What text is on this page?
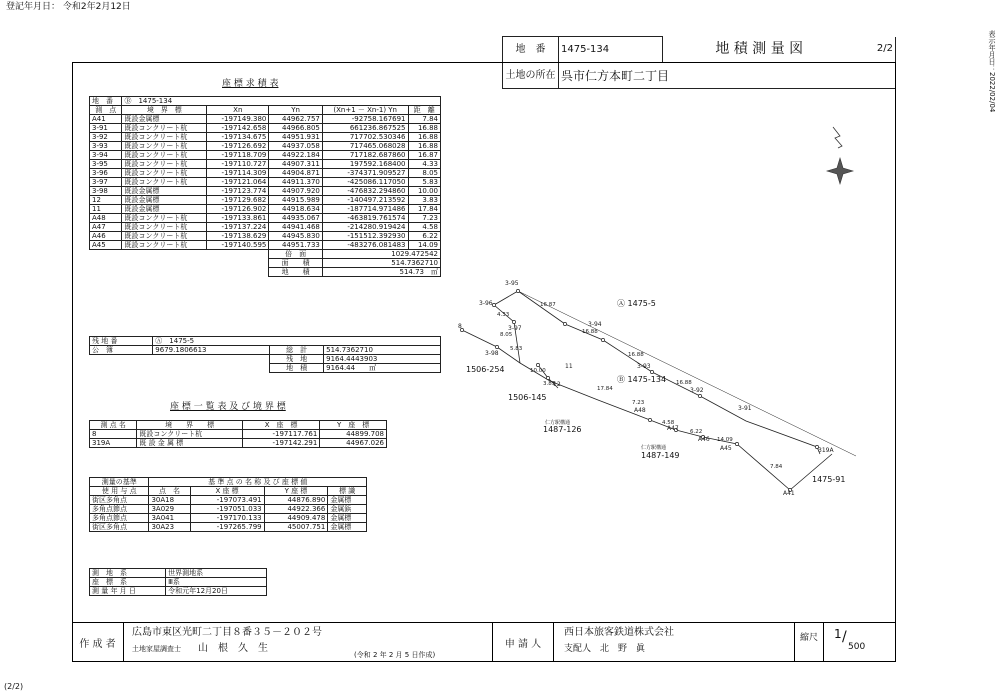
登記年月日： 令和2年2月12日
(2/2)
表示年月日：2022/02/04
地　番	1475-134	地 積 測 量 図	2/2
土地の所在	呉市仁方本町二丁目		
座 標 求 積 表
地　番	Ⓑ　 1475-134				
測　点	境　界　標	Xn	Yn	(Xn+1 － Xn-1) Yn	距　離
A41	既設金属標	-197149.380	44962.757	-92758.167691	7.84
3-91	既設コンクリート杭	-197142.658	44966.805	661236.867525	16.88
3-92	既設コンクリート杭	-197134.675	44951.931	717702.530346	16.88
3-93	既設コンクリート杭	-197126.692	44937.058	717465.068028	16.88
3-94	既設コンクリート杭	-197118.709	44922.184	717182.687860	16.87
3-95	既設コンクリート杭	-197110.727	44907.311	197592.168400	4.33
3-96	既設コンクリート杭	-197114.309	44904.871	-374371.909527	8.05
3-97	既設コンクリート杭	-197121.064	44911.370	-425086.117050	5.83
3-98	既設金属標	-197123.774	44907.920	-476832.294860	10.00
12	既設金属標	-197129.682	44915.989	-140497.213592	3.83
11	既設金属標	-197126.902	44918.634	-187714.971486	17.84
A48	既設コンクリート杭	-197133.861	44935.067	-463819.761574	7.23
A47	既設コンクリート杭	-197137.224	44941.468	-214280.919424	4.58
A46	既設コンクリート杭	-197138.629	44945.830	-151512.392930	6.22
A45	既設コンクリート杭	-197140.595	44951.733	-483276.081483	14.09
			倍　面	1029.472542	
			面　　積	514.7362710	
			地　　積	514.73　 ㎡	
残 地 番	Ⓐ　 1475-5		
公　簿	9679.1806613	総　計	514.7362710
		残　地	9164.4443903
		地　積	9164.44　　 ㎡
座 標 一 覧 表 及 び 境 界 標
測 点 名	境　　界　　標	X　座　標	Y　座　標
8	既設コンクリート杭	-197117.761	44899.708
319A	既 設 金 属 標	-197142.291	44967.026
測量の基準	基 準 点 の 名 称 及 び 座 標 値			
使 用 与 点	点　名	X 座 標	Y 座 標	標 識
街区多角点	30A18	-197073.491	44876.890	金属標
多角点節点	3A029	-197051.033	44922.366	金属鋲
多角点節点	3A041	-197170.133	44909.478	金属標
街区多角点	30A23	-197265.799	45007.751	金属標
測　地　系	世界測地系
座　標　系	Ⅲ系
測 量 年 月 日	令和元年12月20日
3-95
3-96
3-97
3-98
3-94
3-93
3-92
3-91
8
12
11
A48
A47
A46
A45
A41
319A
16.87
16.88
16.88
16.88
4.33
8.05
5.83
10.00
3.83
17.84
7.23
4.58
6.22
14.09
7.84
Ⓐ 1475-5
Ⓑ 1475-134
1506-254
1506-145
1487-126
1487-149
1475-91
仁方駅構通
仁方駅構通
作 成 者
広島市東区光町二丁目８番３５－２０２号
土地家屋調査士 山　根　久　生
(令和 2 年 2 月 5 日作成)
申 請 人
西日本旅客鉄道株式会社
支配人　北　野　眞
縮尺	1 /
500
